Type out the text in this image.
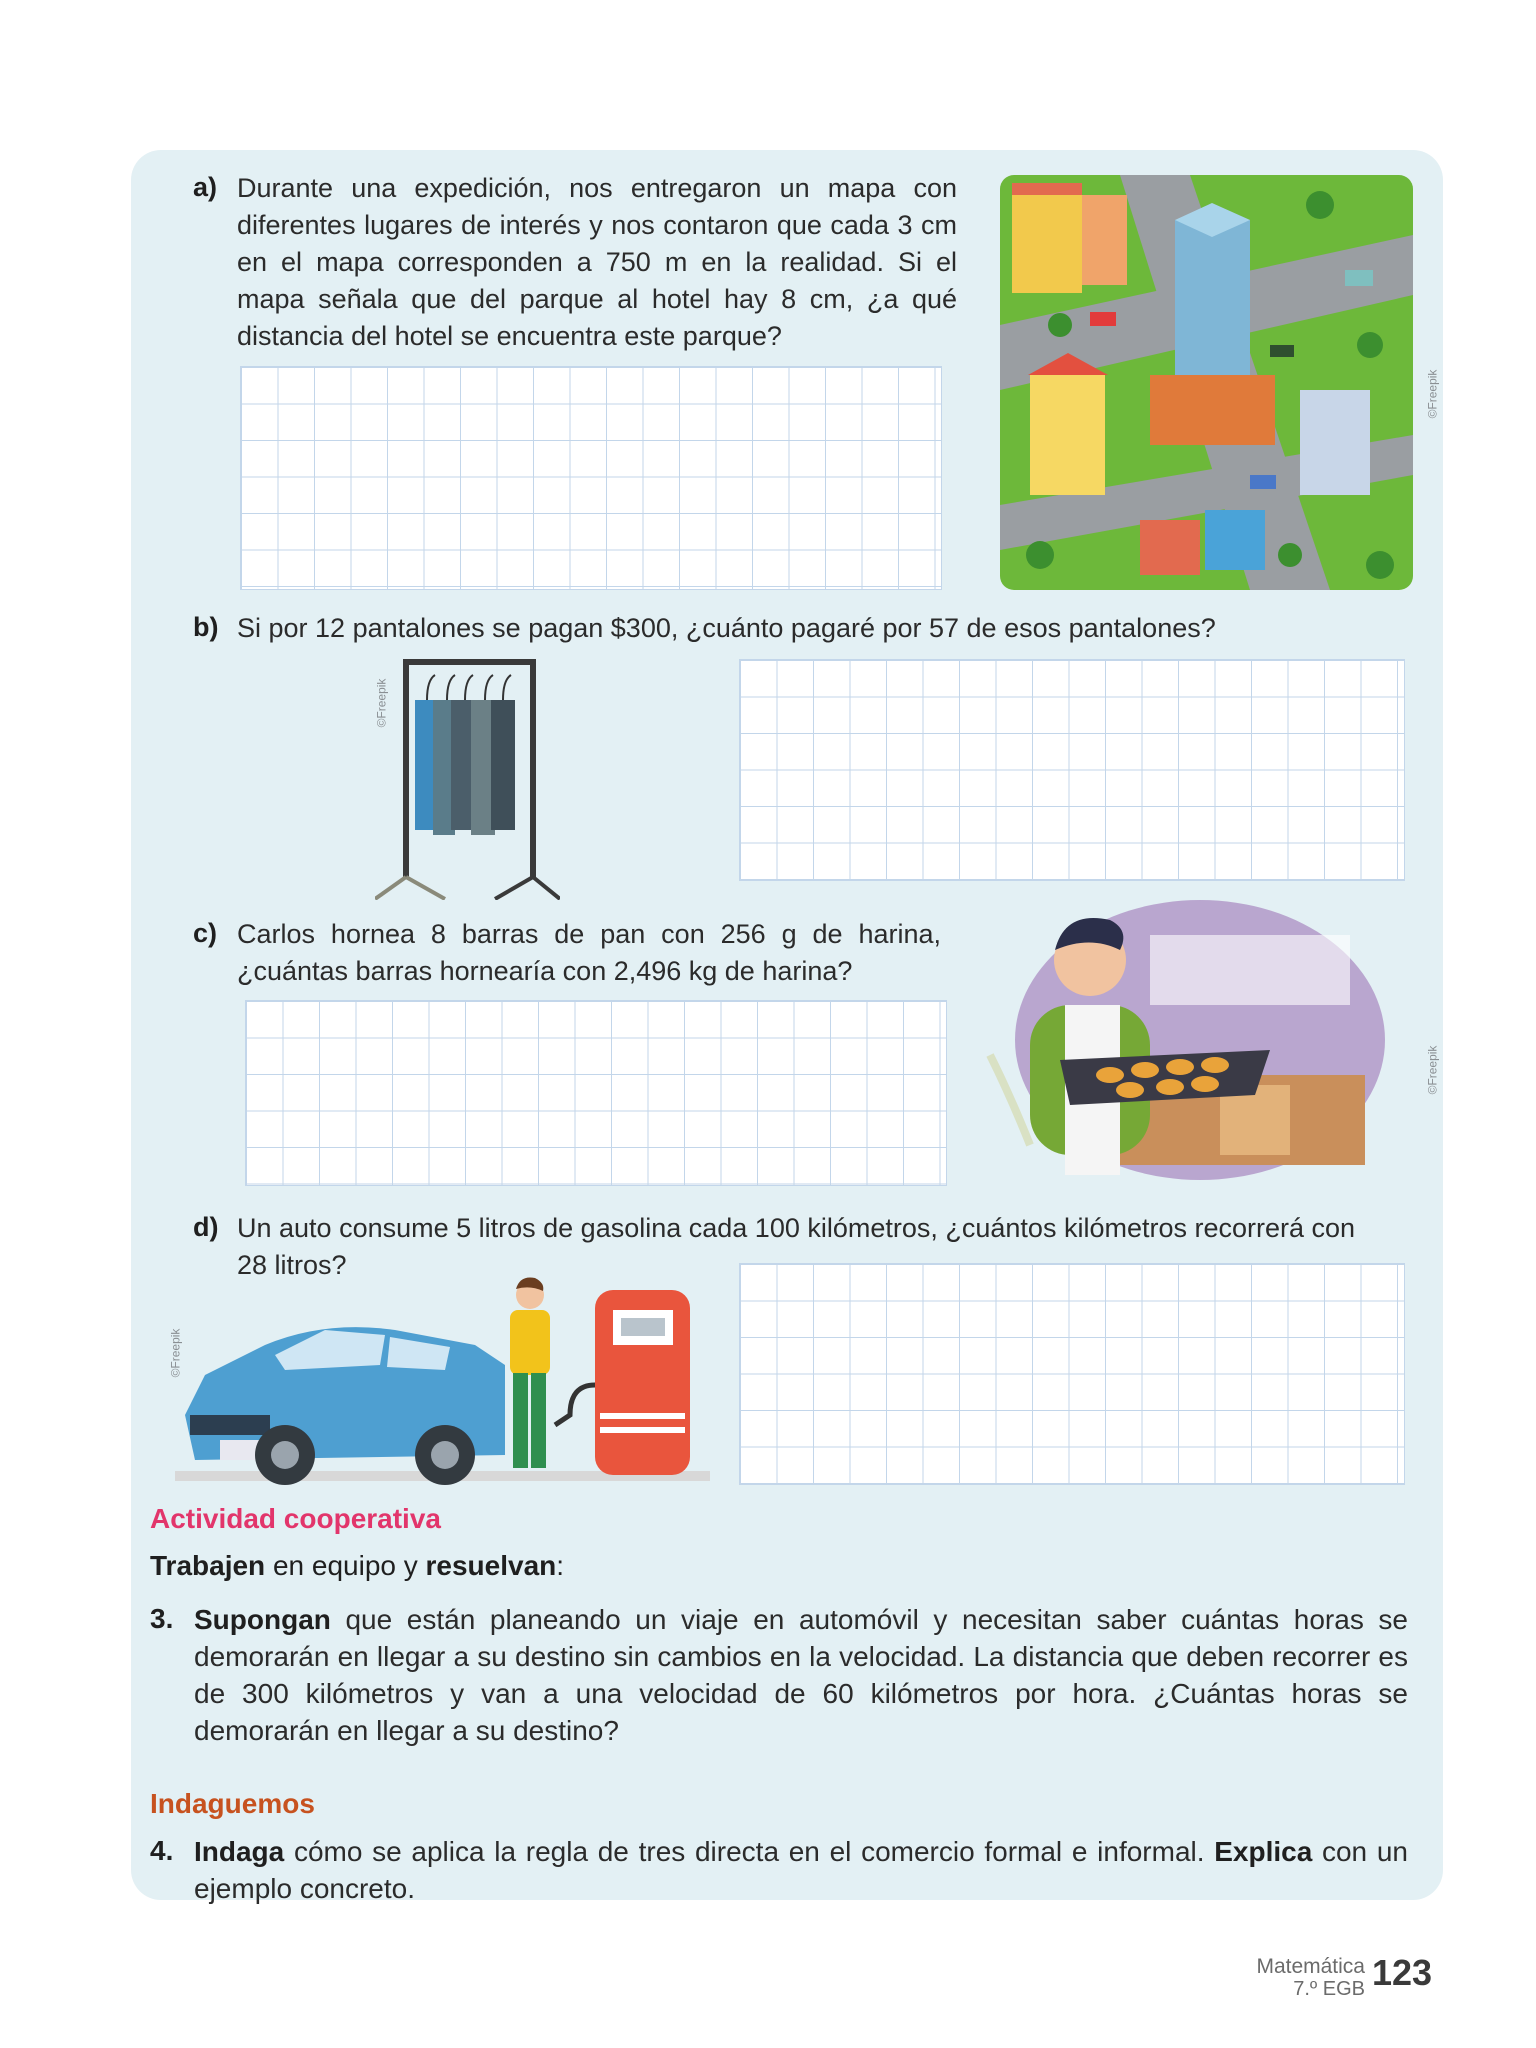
a) Durante una expedición, nos entregaron un mapa con diferentes lugares de interés y nos contaron que cada 3 cm en el mapa corresponden a 750 m en la realidad. Si el mapa señala que del parque al hotel hay 8 cm, ¿a qué distancia del hotel se encuentra este parque?
©Freepik
b) Si por 12 pantalones se pagan $300, ¿cuánto pagaré por 57 de esos pantalones?
©Freepik
c) Carlos hornea 8 barras de pan con 256 g de harina, ¿cuántas barras hornearía con 2,496 kg de harina?
©Freepik
d) Un auto consume 5 litros de gasolina cada 100 kilómetros, ¿cuántos kilómetros recorrerá con
28 litros?
©Freepik
Actividad cooperativa
Trabajen en equipo y resuelvan:
3. Supongan que están planeando un viaje en automóvil y necesitan saber cuántas horas se demorarán en llegar a su destino sin cambios en la velocidad. La distancia que deben recorrer es de 300 kilómetros y van a una velocidad de 60 kilómetros por hora. ¿Cuántas horas se demorarán en llegar a su destino?
Indaguemos
4. Indaga cómo se aplica la regla de tres directa en el comercio formal e informal. Explica con un ejemplo concreto.
Matemática
7.º EGB 123
